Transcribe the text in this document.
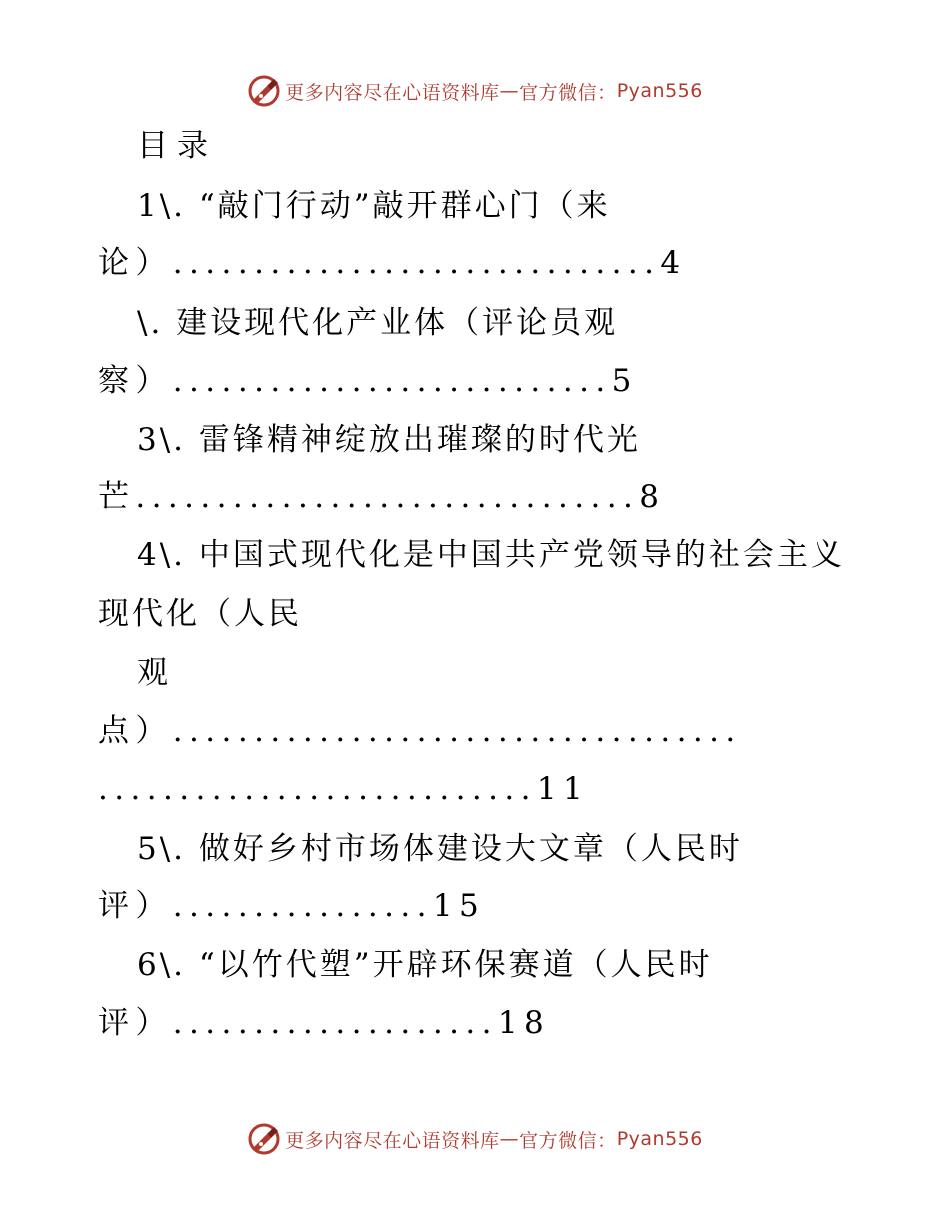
更多内容尽在心语资料库 — 官方微信： Pyan556
目录
1\. “敲门行动”敲开群心门（来
论）..............................4
\. 建设现代化产业体（评论员观
察）...........................5
3\. 雷锋精神绽放出璀璨的时代光
芒...............................8
4\. 中国式现代化是中国共产党领导的社会主义
现代化（人民
观
点）...................................
...........................11
5\. 做好乡村市场体建设大文章（人民时
评）................15
6\. “以竹代塑”开辟环保赛道（人民时
评）....................18
更多内容尽在心语资料库 — 官方微信： Pyan556
